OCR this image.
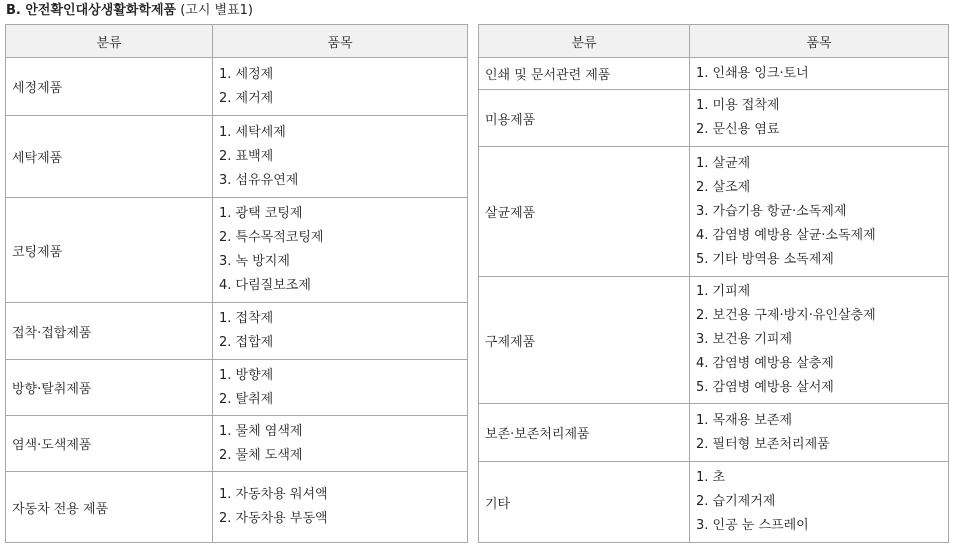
B. 안전확인대상생활화학제품 (고시 별표1)
분류	품목
세정제품	1. 세정제
2. 제거제

세탁제품	1. 세탁세제
2. 표백제
3. 섬유유연제

코팅제품	1. 광택 코팅제
2. 특수목적코팅제
3. 녹 방지제
4. 다림질보조제

접착·접합제품	1. 접착제
2. 접합제

방향·탈취제품	1. 방향제
2. 탈취제

염색·도색제품	1. 물체 염색제
2. 물체 도색제

자동차 전용 제품	1. 자동차용 워셔액
2. 자동차용 부동액
분류	품목
인쇄 및 문서관련 제품	1. 인쇄용 잉크·토너

미용제품	1. 미용 접착제
2. 문신용 염료

살균제품	1. 살균제
2. 살조제
3. 가습기용 항균·소독제제
4. 감염병 예방용 살균·소독제제
5. 기타 방역용 소독제제

구제제품	1. 기피제
2. 보건용 구제·방지·유인살충제
3. 보건용 기피제
4. 감염병 예방용 살충제
5. 감염병 예방용 살서제

보존·보존처리제품	1. 목재용 보존제
2. 필터형 보존처리제품

기타	1. 초
2. 습기제거제
3. 인공 눈 스프레이
